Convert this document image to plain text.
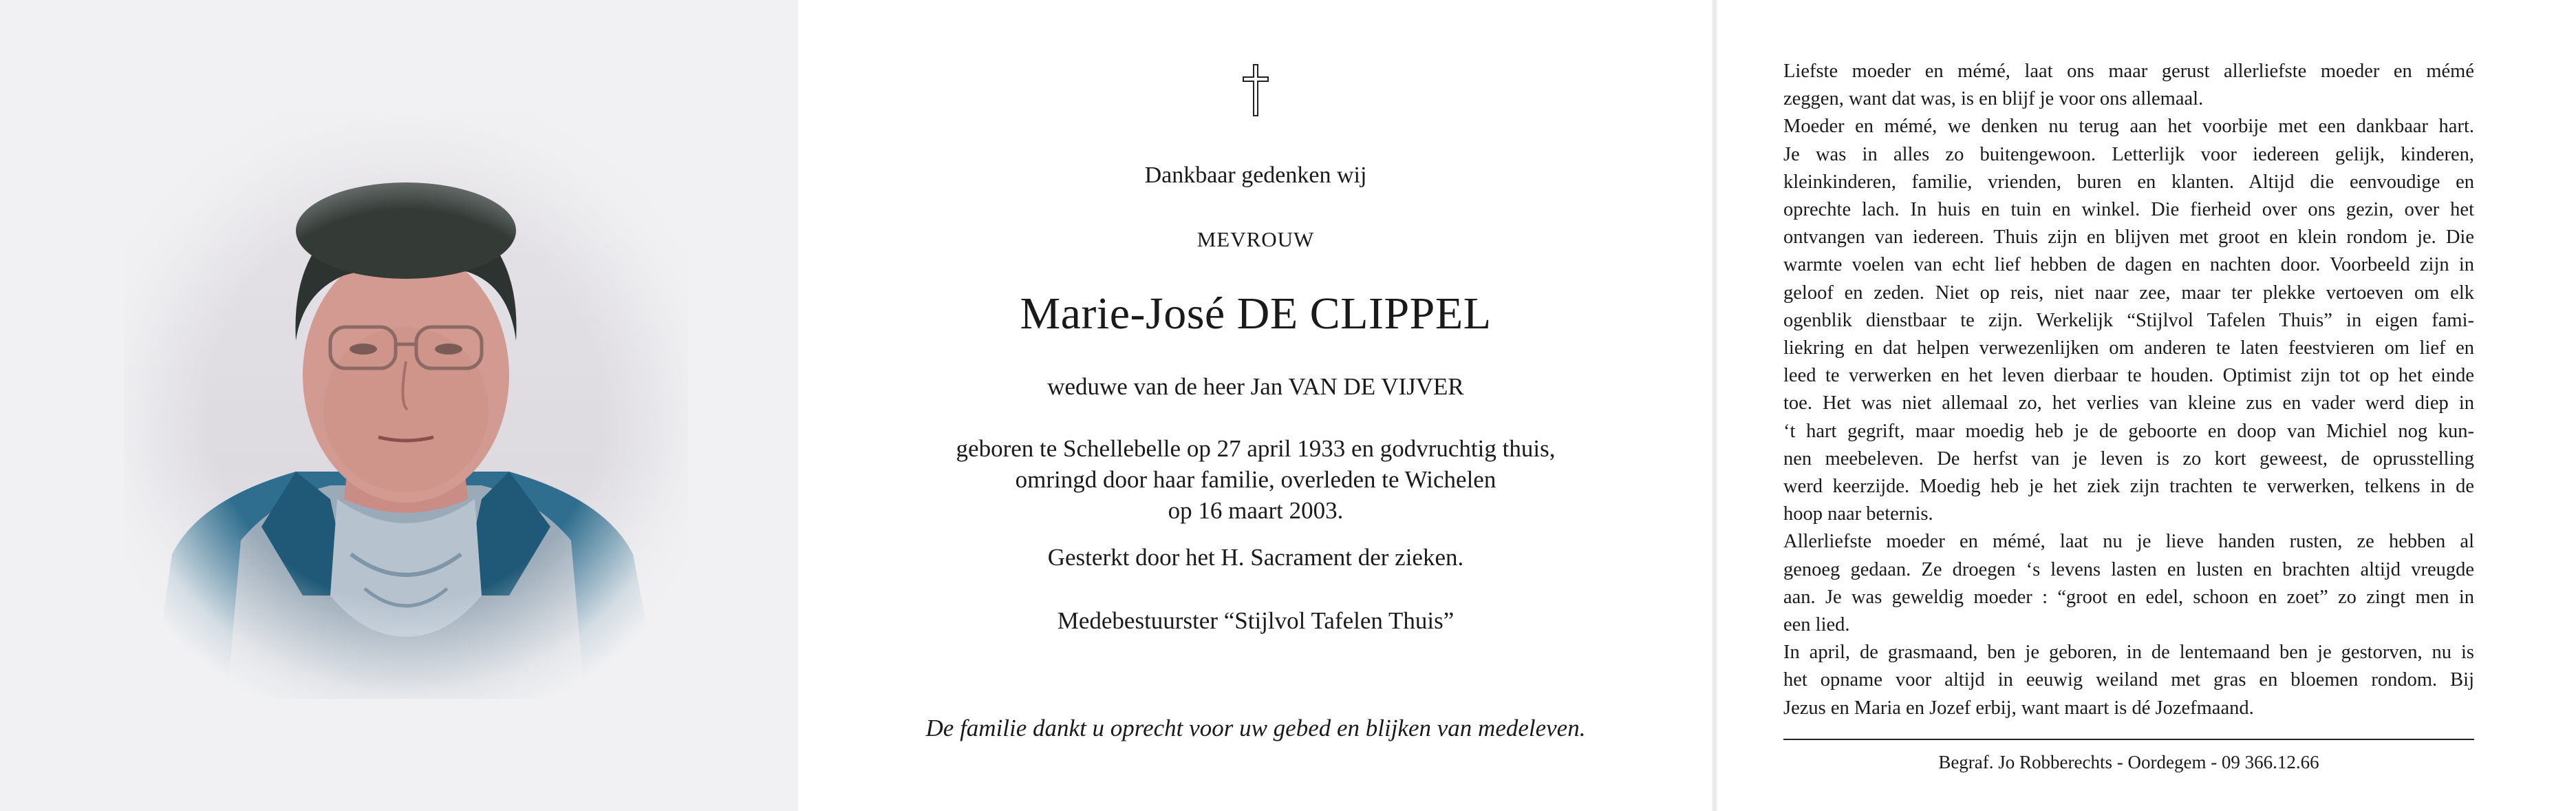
Dankbaar gedenken wij
MEVROUW
Marie-José DE CLIPPEL
weduwe van de heer Jan VAN DE VIJVER
geboren te Schellebelle op 27 april 1933 en godvruchtig thuis,
omringd door haar familie, overleden te Wichelen
op 16 maart 2003.
Gesterkt door het H. Sacrament der zieken.
Medebestuurster “Stijlvol Tafelen Thuis”
De familie dankt u oprecht voor uw gebed en blijken van medeleven.
Liefste moeder en mémé, laat ons maar gerust allerliefste moeder en mémé
zeggen, want dat was, is en blijf je voor ons allemaal.
Moeder en mémé, we denken nu terug aan het voorbije met een dankbaar hart.
Je was in alles zo buitengewoon. Letterlijk voor iedereen gelijk, kinderen,
kleinkinderen, familie, vrienden, buren en klanten. Altijd die eenvoudige en
oprechte lach. In huis en tuin en winkel. Die fierheid over ons gezin, over het
ontvangen van iedereen. Thuis zijn en blijven met groot en klein rondom je. Die
warmte voelen van echt lief hebben de dagen en nachten door. Voorbeeld zijn in
geloof en zeden. Niet op reis, niet naar zee, maar ter plekke vertoeven om elk
ogenblik dienstbaar te zijn. Werkelijk “Stijlvol Tafelen Thuis” in eigen fami-
liekring en dat helpen verwezenlijken om anderen te laten feestvieren om lief en
leed te verwerken en het leven dierbaar te houden. Optimist zijn tot op het einde
toe. Het was niet allemaal zo, het verlies van kleine zus en vader werd diep in
‘t hart gegrift, maar moedig heb je de geboorte en doop van Michiel nog kun-
nen meebeleven. De herfst van je leven is zo kort geweest, de oprusstelling
werd keerzijde. Moedig heb je het ziek zijn trachten te verwerken, telkens in de
hoop naar beternis.
Allerliefste moeder en mémé, laat nu je lieve handen rusten, ze hebben al
genoeg gedaan. Ze droegen ‘s levens lasten en lusten en brachten altijd vreugde
aan. Je was geweldig moeder : “groot en edel, schoon en zoet” zo zingt men in
een lied.
In april, de grasmaand, ben je geboren, in de lentemaand ben je gestorven, nu is
het opname voor altijd in eeuwig weiland met gras en bloemen rondom. Bij
Jezus en Maria en Jozef erbij, want maart is dé Jozefmaand.
Begraf. Jo Robberechts - Oordegem - 09 366.12.66
